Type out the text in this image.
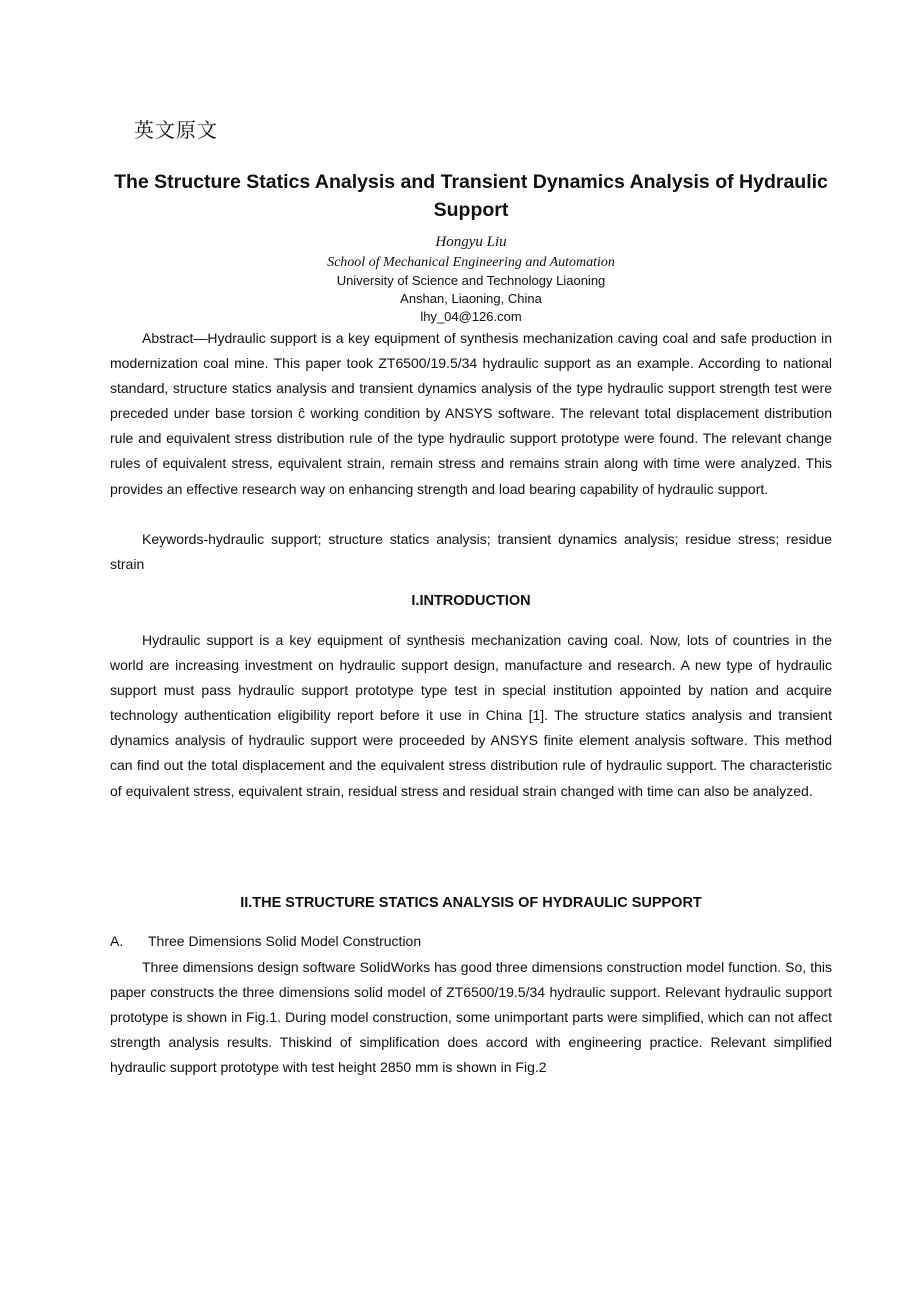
英文原文
The Structure Statics Analysis and Transient Dynamics Analysis of Hydraulic Support
Hongyu Liu
School of Mechanical Engineering and Automation
University of Science and Technology Liaoning
Anshan, Liaoning, China
lhy_04@126.com

Abstract—Hydraulic support is a key equipment of synthesis mechanization caving coal and safe production in modernization coal mine. This paper took ZT6500/19.5/34 hydraulic support as an example. According to national standard, structure statics analysis and transient dynamics analysis of the type hydraulic support strength test were preceded under base torsion ĉ working condition by ANSYS software. The relevant total displacement distribution rule and equivalent stress distribution rule of the type hydraulic support prototype were found. The relevant change rules of equivalent stress, equivalent strain, remain stress and remains strain along with time were analyzed. This provides an effective research way on enhancing strength and load bearing capability of hydraulic support.

Keywords-hydraulic support; structure statics analysis; transient dynamics analysis; residue stress; residue strain

I.INTRODUCTION

Hydraulic support is a key equipment of synthesis mechanization caving coal. Now, lots of countries in the world are increasing investment on hydraulic support design, manufacture and research. A new type of hydraulic support must pass hydraulic support prototype type test in special institution appointed by nation and acquire technology authentication eligibility report before it use in China [1]. The structure statics analysis and transient dynamics analysis of hydraulic support were proceeded by ANSYS finite element analysis software. This method can find out the total displacement and the equivalent stress distribution rule of hydraulic support. The characteristic of equivalent stress, equivalent strain, residual stress and residual strain changed with time can also be analyzed.

II.THE STRUCTURE STATICS ANALYSIS OF HYDRAULIC SUPPORT
A. Three Dimensions Solid Model Construction

Three dimensions design software SolidWorks has good three dimensions construction model function. So, this paper constructs the three dimensions solid model of ZT6500/19.5/34 hydraulic support. Relevant hydraulic support prototype is shown in Fig.1. During model construction, some unimportant parts were simplified, which can not affect strength analysis results. Thiskind of simplification does accord with engineering practice. Relevant simplified hydraulic support prototype with test height 2850 mm is shown in Fig.2
